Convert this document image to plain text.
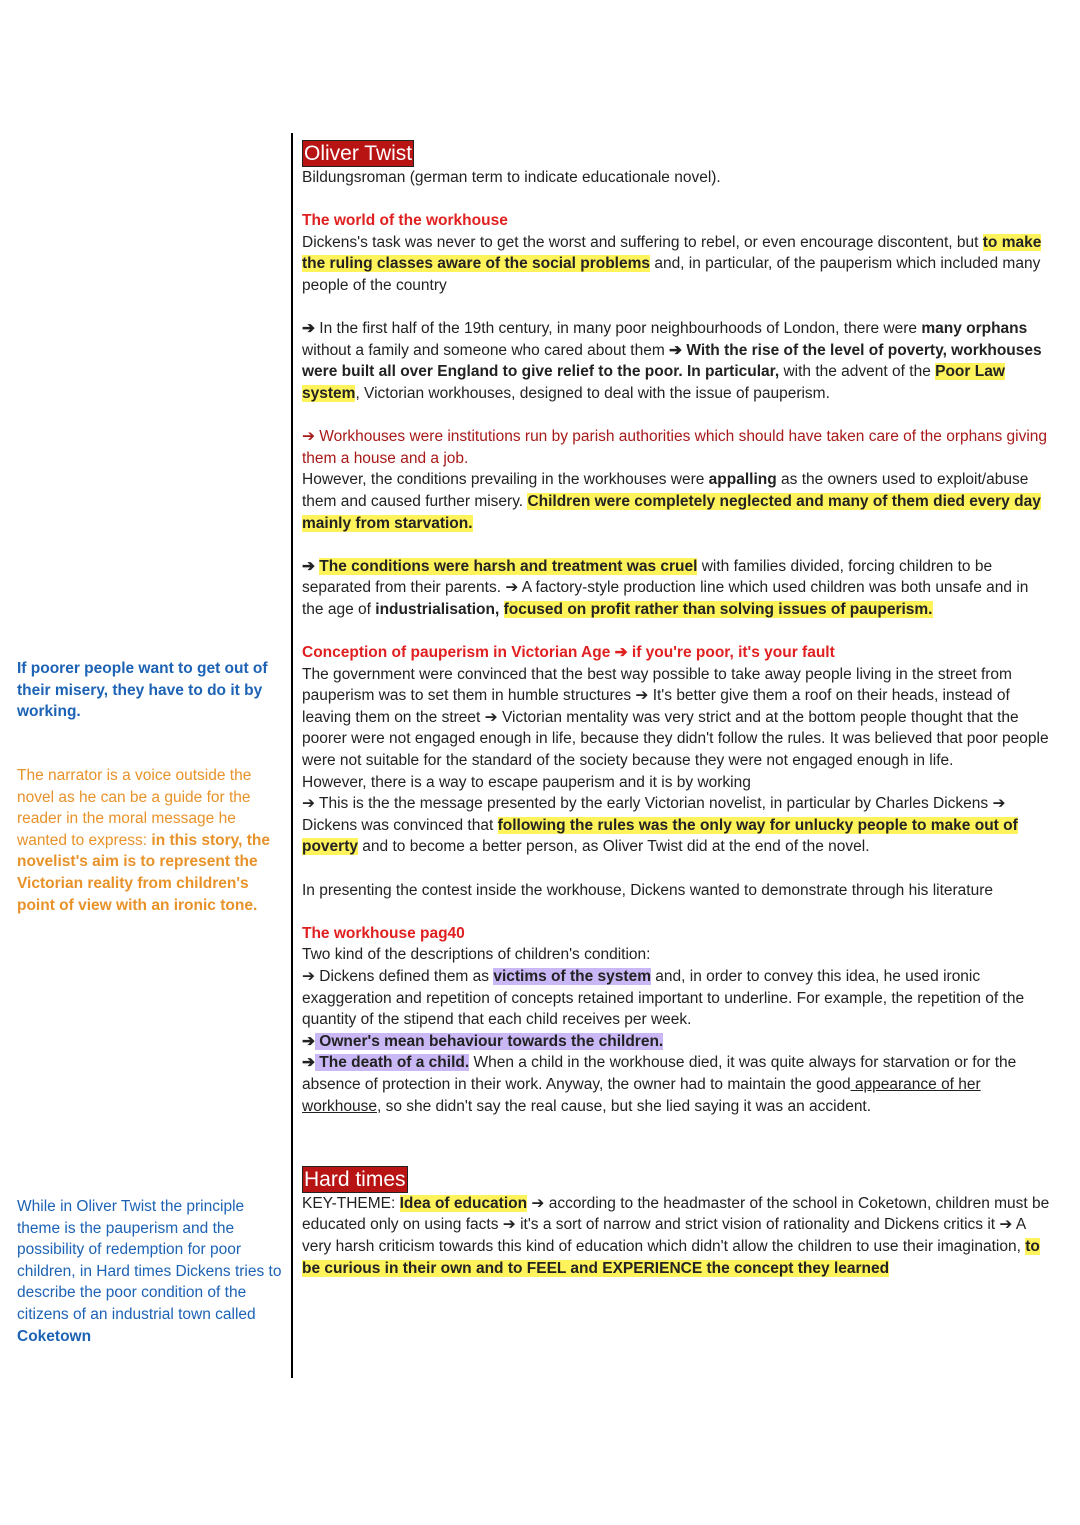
If poorer people want to get out of their misery, they have to do it by working.

The narrator is a voice outside the novel as he can be a guide for the reader in the moral message he wanted to express: in this story, the novelist's aim is to represent the Victorian reality from children's point of view with an ironic tone.

While in Oliver Twist the principle theme is the pauperism and the possibility of redemption for poor children, in Hard times Dickens tries to describe the poor condition of the citizens of an industrial town called Coketown

Oliver Twist

Bildungsroman (german term to indicate educationale novel).

The world of the workhouse

Dickens's task was never to get the worst and suffering to rebel, or even encourage discontent, but to make the ruling classes aware of the social problems and, in particular, of the pauperism which included many people of the country

➔ In the first half of the 19th century, in many poor neighbourhoods of London, there were many orphans without a family and someone who cared about them ➔ With the rise of the level of poverty, workhouses were built all over England to give relief to the poor. In particular, with the advent of the Poor Law system, Victorian workhouses, designed to deal with the issue of pauperism.

➔ Workhouses were institutions run by parish authorities which should have taken care of the orphans giving them a house and a job.

However, the conditions prevailing in the workhouses were appalling as the owners used to exploit/abuse them and caused further misery. Children were completely neglected and many of them died every day mainly from starvation.

➔ The conditions were harsh and treatment was cruel with families divided, forcing children to be separated from their parents. ➔ A factory-style production line which used children was both unsafe and in the age of industrialisation, focused on profit rather than solving issues of pauperism.

Conception of pauperism in Victorian Age ➔ if you're poor, it's your fault

The government were convinced that the best way possible to take away people living in the street from pauperism was to set them in humble structures ➔ It's better give them a roof on their heads, instead of leaving them on the street ➔ Victorian mentality was very strict and at the bottom people thought that the poorer were not engaged enough in life, because they didn't follow the rules. It was believed that poor people were not suitable for the standard of the society because they were not engaged enough in life.

However, there is a way to escape pauperism and it is by working

➔ This is the the message presented by the early Victorian novelist, in particular by Charles Dickens ➔ Dickens was convinced that following the rules was the only way for unlucky people to make out of poverty and to become a better person, as Oliver Twist did at the end of the novel.

In presenting the contest inside the workhouse, Dickens wanted to demonstrate through his literature

The workhouse pag40

Two kind of the descriptions of children's condition:

➔ Dickens defined them as victims of the system and, in order to convey this idea, he used ironic exaggeration and repetition of concepts retained important to underline. For example, the repetition of the quantity of the stipend that each child receives per week.

➔ Owner's mean behaviour towards the children.

➔ The death of a child. When a child in the workhouse died, it was quite always for starvation or for the absence of protection in their work. Anyway, the owner had to maintain the good appearance of her workhouse, so she didn't say the real cause, but she lied saying it was an accident.

Hard times

KEY-THEME: Idea of education ➔ according to the headmaster of the school in Coketown, children must be educated only on using facts ➔ it's a sort of narrow and strict vision of rationality and Dickens critics it ➔ A very harsh criticism towards this kind of education which didn't allow the children to use their imagination, to be curious in their own and to FEEL and EXPERIENCE the concept they learned
